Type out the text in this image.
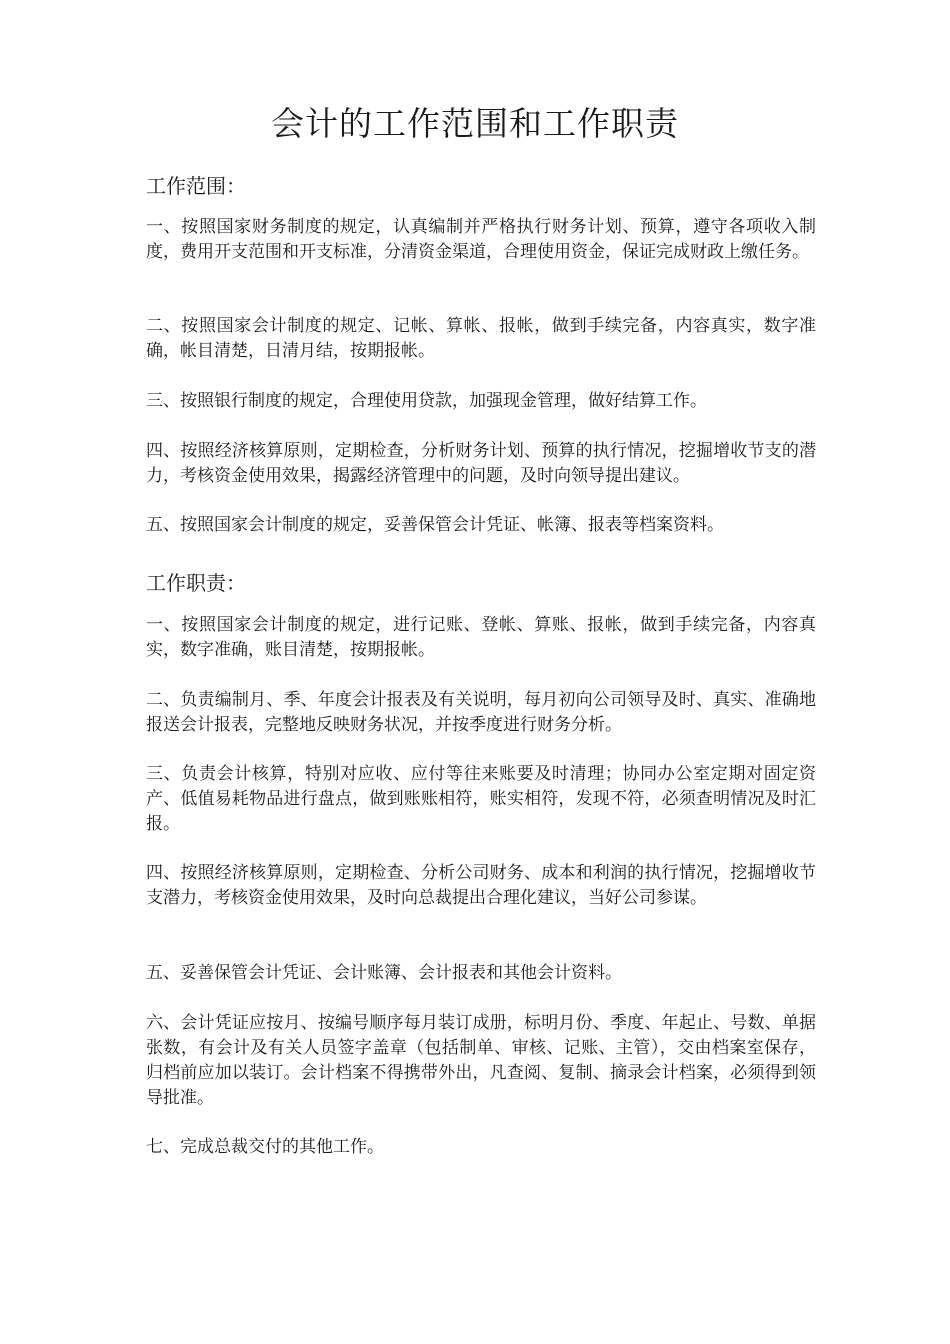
会计的工作范围和工作职责
工作范围：
一、按照国家财务制度的规定，认真编制并严格执行财务计划、预算，遵守各项收入制度，费用开支范围和开支标准，分清资金渠道，合理使用资金，保证完成财政上缴任务。
二、按照国家会计制度的规定、记帐、算帐、报帐，做到手续完备，内容真实，数字准确，帐目清楚，日清月结，按期报帐。
三、按照银行制度的规定，合理使用贷款，加强现金管理，做好结算工作。
四、按照经济核算原则，定期检查，分析财务计划、预算的执行情况，挖掘增收节支的潜力，考核资金使用效果，揭露经济管理中的问题，及时向领导提出建议。
五、按照国家会计制度的规定，妥善保管会计凭证、帐簿、报表等档案资料。
工作职责：
一、按照国家会计制度的规定，进行记账、登帐、算账、报帐，做到手续完备，内容真实，数字准确，账目清楚，按期报帐。
二、负责编制月、季、年度会计报表及有关说明，每月初向公司领导及时、真实、准确地报送会计报表，完整地反映财务状况，并按季度进行财务分析。
三、负责会计核算，特别对应收、应付等往来账要及时清理；协同办公室定期对固定资产、低值易耗物品进行盘点，做到账账相符，账实相符，发现不符，必须查明情况及时汇报。
四、按照经济核算原则，定期检查、分析公司财务、成本和利润的执行情况，挖掘增收节支潜力，考核资金使用效果，及时向总裁提出合理化建议，当好公司参谋。
五、妥善保管会计凭证、会计账簿、会计报表和其他会计资料。
六、会计凭证应按月、按编号顺序每月装订成册，标明月份、季度、年起止、号数、单据张数，有会计及有关人员签字盖章（包括制单、审核、记账、主管），交由档案室保存，归档前应加以装订。会计档案不得携带外出，凡查阅、复制、摘录会计档案，必须得到领导批准。
七、完成总裁交付的其他工作。
